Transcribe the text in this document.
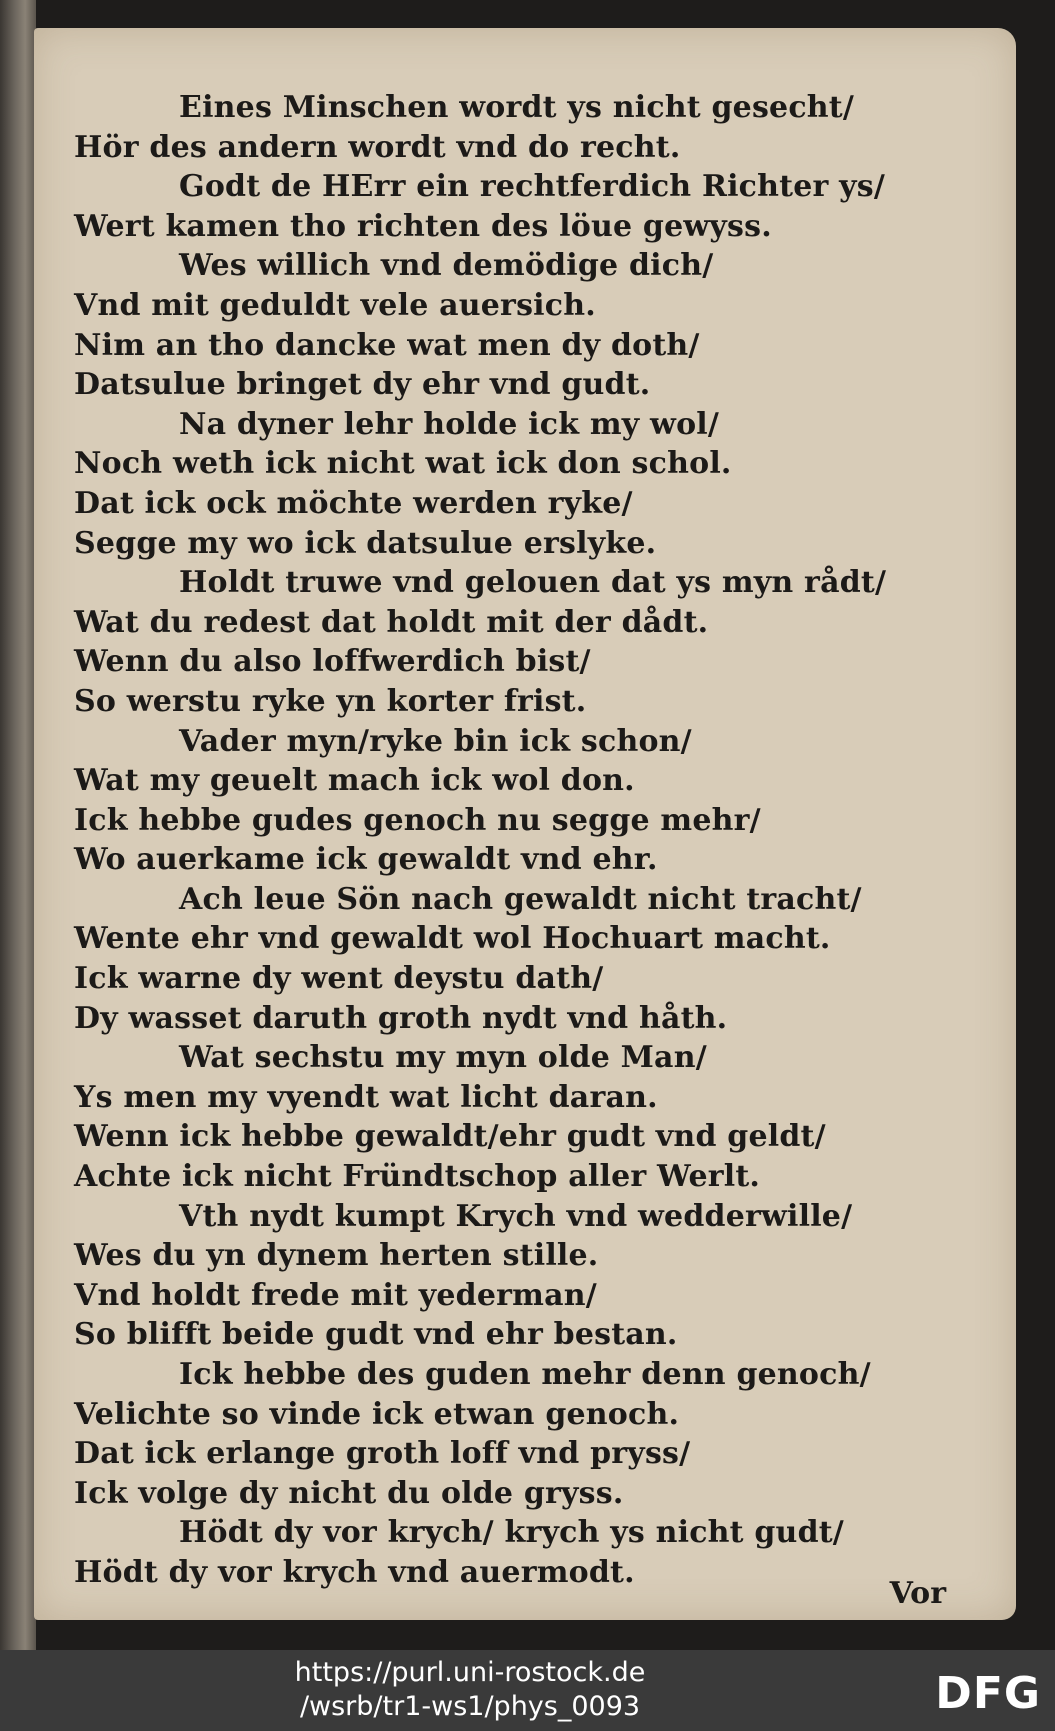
Eines Minschen wordt ys nicht gesecht/
Hör des andern wordt vnd do recht.
Godt de HErr ein rechtferdich Richter ys/
Wert kamen tho richten des löue gewyss.
Wes willich vnd demödige dich/
Vnd mit geduldt vele auersich.
Nim an tho dancke wat men dy doth/
Datsulue bringet dy ehr vnd gudt.
Na dyner lehr holde ick my wol/
Noch weth ick nicht wat ick don schol.
Dat ick ock möchte werden ryke/
Segge my wo ick datsulue erslyke.
Holdt truwe vnd gelouen dat ys myn rådt/
Wat du redest dat holdt mit der dådt.
Wenn du also loffwerdich bist/
So werstu ryke yn korter frist.
Vader myn/ryke bin ick schon/
Wat my geuelt mach ick wol don.
Ick hebbe gudes genoch nu segge mehr/
Wo auerkame ick gewaldt vnd ehr.
Ach leue Sön nach gewaldt nicht tracht/
Wente ehr vnd gewaldt wol Hochuart macht.
Ick warne dy went deystu dath/
Dy wasset daruth groth nydt vnd håth.
Wat sechstu my myn olde Man/
Ys men my vyendt wat licht daran.
Wenn ick hebbe gewaldt/ehr gudt vnd geldt/
Achte ick nicht Fründtschop aller Werlt.
Vth nydt kumpt Krych vnd wedderwille/
Wes du yn dynem herten stille.
Vnd holdt frede mit yederman/
So blifft beide gudt vnd ehr bestan.
Ick hebbe des guden mehr denn genoch/
Velichte so vinde ick etwan genoch.
Dat ick erlange groth loff vnd pryss/
Ick volge dy nicht du olde gryss.
Hödt dy vor krych/ krych ys nicht gudt/
Hödt dy vor krych vnd auermodt.
Vor
https://purl.uni-rostock.de
/wsrb/tr1-ws1/phys_0093	DFG
